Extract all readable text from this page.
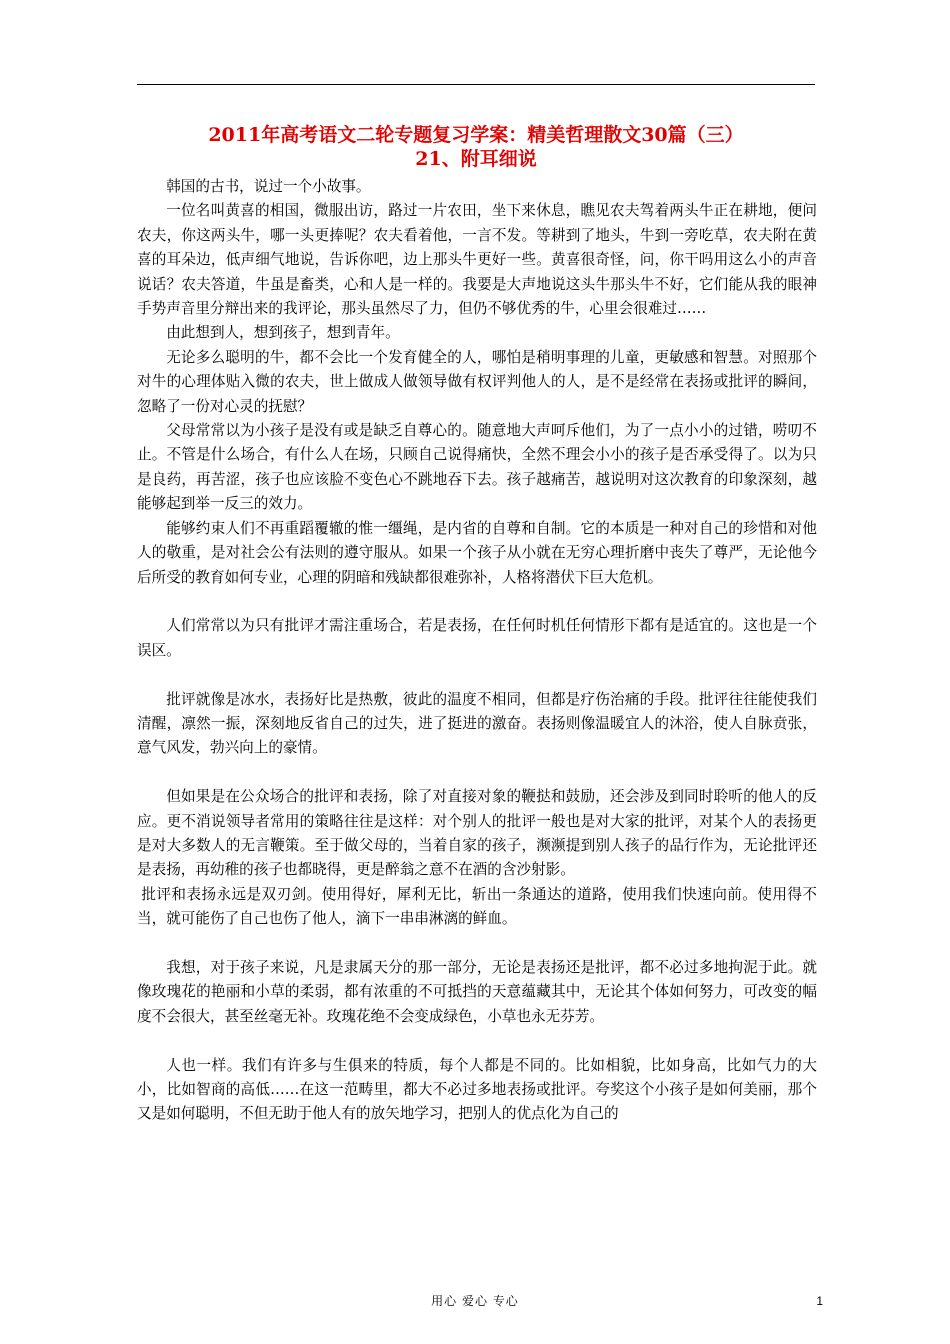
2011年高考语文二轮专题复习学案：精美哲理散文30篇（三）
21、附耳细说

韩国的古书，说过一个小故事。

一位名叫黄喜的相国，微服出访，路过一片农田，坐下来休息，瞧见农夫驾着两头牛正在耕地，便问农夫，你这两头牛，哪一头更捧呢？农夫看着他，一言不发。等耕到了地头，牛到一旁吃草，农夫附在黄喜的耳朵边，低声细气地说，告诉你吧，边上那头牛更好一些。黄喜很奇怪，问，你干吗用这么小的声音说话？农夫答道，牛虽是畜类，心和人是一样的。我要是大声地说这头牛那头牛不好，它们能从我的眼神手势声音里分辩出来的我评论，那头虽然尽了力，但仍不够优秀的牛，心里会很难过……

由此想到人，想到孩子，想到青年。

无论多么聪明的牛，都不会比一个发育健全的人，哪怕是稍明事理的儿童，更敏感和智慧。对照那个对牛的心理体贴入微的农夫，世上做成人做领导做有权评判他人的人，是不是经常在表扬或批评的瞬间，忽略了一份对心灵的抚慰？

父母常常以为小孩子是没有或是缺乏自尊心的。随意地大声呵斥他们，为了一点小小的过错，唠叨不止。不管是什么场合，有什么人在场，只顾自己说得痛快，全然不理会小小的孩子是否承受得了。以为只是良药，再苦涩，孩子也应该脸不变色心不跳地吞下去。孩子越痛苦，越说明对这次教育的印象深刻，越能够起到举一反三的效力。

能够约束人们不再重蹈覆辙的惟一缰绳，是内省的自尊和自制。它的本质是一种对自己的珍惜和对他人的敬重，是对社会公有法则的遵守服从。如果一个孩子从小就在无穷心理折磨中丧失了尊严，无论他今后所受的教育如何专业，心理的阴暗和残缺都很难弥补，人格将潜伏下巨大危机。

人们常常以为只有批评才需注重场合，若是表扬，在任何时机任何情形下都有是适宜的。这也是一个误区。

批评就像是冰水，表扬好比是热敷，彼此的温度不相同，但都是疗伤治痛的手段。批评往往能使我们清醒，凛然一振，深刻地反省自己的过失，进了挺进的激奋。表扬则像温暖宜人的沐浴，使人自脉贲张，意气风发，勃兴向上的豪情。

但如果是在公众场合的批评和表扬，除了对直接对象的鞭挞和鼓励，还会涉及到同时聆听的他人的反应。更不消说领导者常用的策略往往是这样：对个别人的批评一般也是对大家的批评，对某个人的表扬更是对大多数人的无言鞭策。至于做父母的，当着自家的孩子，濒濒提到别人孩子的品行作为，无论批评还是表扬，再幼稚的孩子也都晓得，更是醉翁之意不在酒的含沙射影。

批评和表扬永远是双刃剑。使用得好，犀利无比，斩出一条通达的道路，使用我们快速向前。使用得不当，就可能伤了自己也伤了他人，滴下一串串淋漓的鲜血。

我想，对于孩子来说，凡是隶属天分的那一部分，无论是表扬还是批评，都不必过多地拘泥于此。就像玫瑰花的艳丽和小草的柔弱，都有浓重的不可抵挡的天意蕴藏其中，无论其个体如何努力，可改变的幅度不会很大，甚至丝毫无补。玫瑰花绝不会变成绿色，小草也永无芬芳。

人也一样。我们有许多与生俱来的特质，每个人都是不同的。比如相貌，比如身高，比如气力的大小，比如智商的高低……在这一范畴里，都大不必过多地表扬或批评。夸奖这个小孩子是如何美丽，那个又是如何聪明，不但无助于他人有的放矢地学习，把别人的优点化为自己的

用心 爱心 专心	1
